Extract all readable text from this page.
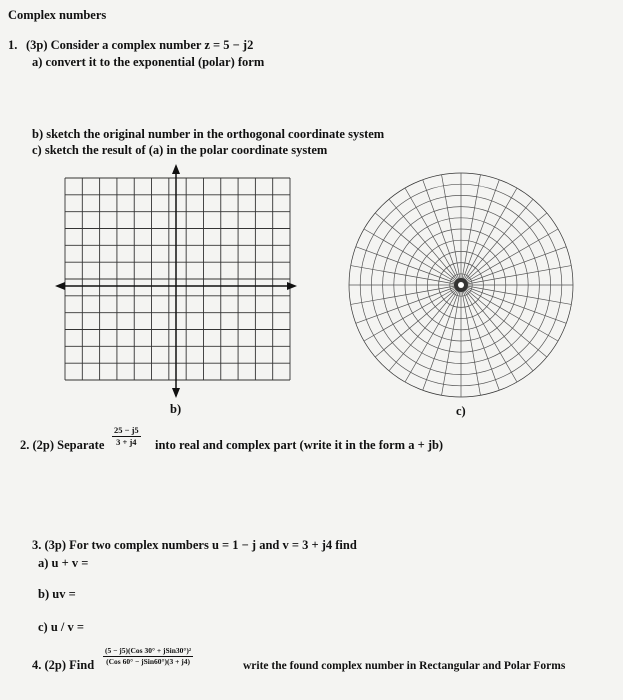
Complex numbers
1. (3p) Consider a complex number z = 5 − j2
a) convert it to the exponential (polar) form
b) sketch the original number in the orthogonal coordinate system
c) sketch the result of (a) in the polar coordinate system
b)	c)
2. (2p) Separate $\frac{25 - j5}{3 + j4}$ into real and complex part (write it in the form a + jb)
3. (3p) For two complex numbers u = 1 − j and v = 3 + j4 find
a) u + v =
b) uv =
c) u / v =
4. (2p) Find
(5 − j5)(Cos 30° + jSin30°)²
(Cos 60° − jSin60°)(3 + j4)	write the found complex number in Rectangular and Polar Forms
